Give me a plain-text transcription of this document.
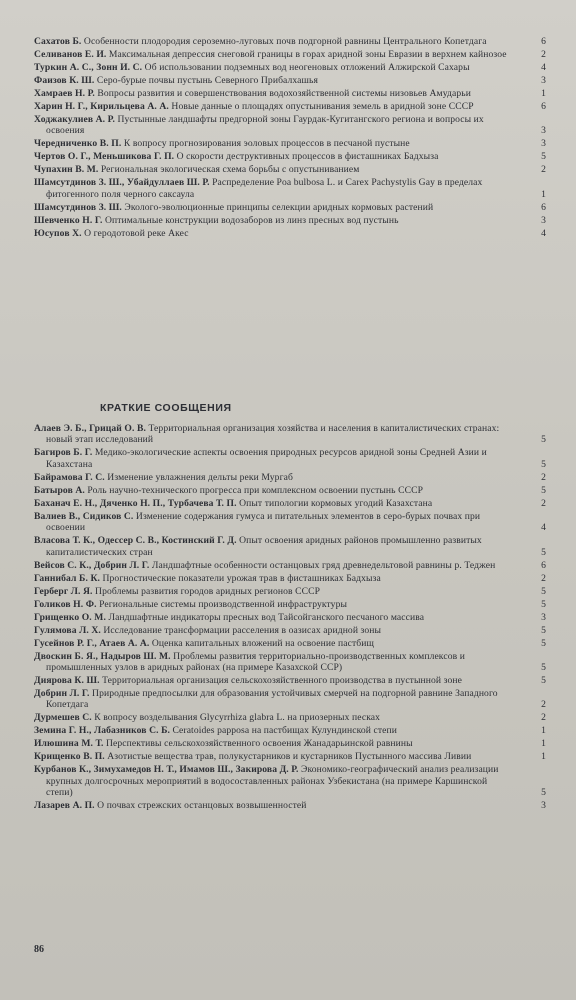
Сахатов Б. Особенности плодородия сероземно-луговых почв подгорной равнины Центрального Копетдага	6
Селиванов Е. И. Максимальная депрессия снеговой границы в горах аридной зоны Евразии в верхнем кайнозое	2
Туркин А. С., Зонн И. С. Об использовании подземных вод неогеновых отложений Алжирской Сахары	4
Фаизов К. Ш. Серо-бурые почвы пустынь Северного Прибалхашья	3
Хамраев Н. Р. Вопросы развития и совершенствования водохозяйственной системы низовьев Амударьи	1
Харин Н. Г., Кирильцева А. А. Новые данные о площадях опустынивания земель в аридной зоне СССР	6
Ходжакулиев А. Р. Пустынные ландшафты предгорной зоны Гаурдак-Кугитангского региона и вопросы их освоения	3
Чередниченко В. П. К вопросу прогнозирования эоловых процессов в песчаной пустыне	3
Чертов О. Г., Меньшикова Г. П. О скорости деструктивных процессов в фисташниках Бадхыза	5
Чупахин В. М. Региональная экологическая схема борьбы с опустыниванием	2
Шамсутдинов З. Ш., Убайдуллаев Ш. Р. Распределение Poa bulbosa L. и Carex Pachystylis Gay в пределах фитогенного поля черного саксаула	1
Шамсутдинов З. Ш. Эколого-эволюционные принципы селекции аридных кормовых растений	6
Шевченко Н. Г. Оптимальные конструкции водозаборов из линз пресных вод пустынь	3
Юсупов Х. О геродотовой реке Акес	4
КРАТКИЕ СООБЩЕНИЯ
Алаев Э. Б., Грицай О. В. Территориальная организация хозяйства и населения в капиталистических странах: новый этап исследований	5
Багиров Б. Г. Медико-экологические аспекты освоения природных ресурсов аридной зоны Средней Азии и Казахстана	5
Байрамова Г. С. Изменение увлажнения дельты реки Мургаб	2
Батыров А. Роль научно-технического прогресса при комплексном освоении пустынь СССР	5
Баханач Е. Н., Дяченко Н. П., Турбачева Т. П. Опыт типологии кормовых угодий Казахстана	2
Валиев В., Сидиков С. Изменение содержания гумуса и питательных элементов в серо-бурых почвах при освоении	4
Власова Т. К., Одессер С. В., Костинский Г. Д. Опыт освоения аридных районов промышленно развитых капиталистических стран	5
Вейсов С. К., Добрин Л. Г. Ландшафтные особенности останцовых гряд древнедельтовой равнины р. Теджен	6
Ганнибал Б. К. Прогностические показатели урожая трав в фисташниках Бадхыза	2
Герберг Л. Я. Проблемы развития городов аридных регионов СССР	5
Голиков Н. Ф. Региональные системы производственной инфраструктуры	5
Грищенко О. М. Ландшафтные индикаторы пресных вод Тайсойганского песчаного массива	3
Гулямова Л. Х. Исследование трансформации расселения в оазисах аридной зоны	5
Гусейнов Р. Г., Атаев А. А. Оценка капитальных вложений на освоение пастбищ	5
Двоскин Б. Я., Надыров Ш. М. Проблемы развития территориально-производственных комплексов и промышленных узлов в аридных районах (на примере Казахской ССР)	5
Диярова К. Ш. Территориальная организация сельскохозяйственного производства в пустынной зоне	5
Добрин Л. Г. Природные предпосылки для образования устойчивых смерчей на подгорной равнине Западного Копетдага	2
Дурмешев С. К вопросу возделывания Glycyrrhiza glabra L. на приозерных песках	2
Земина Г. Н., Лабазников С. Б. Ceratoides papposa на пастбищах Кулундинской степи	1
Илюшина М. Т. Перспективы сельскохозяйственного освоения Жанадарьинской равнины	1
Крищенко В. П. Азотистые вещества трав, полукустарников и кустарников Пустынного массива Ливии	1
Курбанов К., Зимухамедов Н. Т., Имамов Ш., Закирова Д. Р. Экономико-географический анализ реализации крупных долгосрочных мероприятий в водосоставленных районах Узбекистана (на примере Каршинской степи)	5
Лазарев А. П. О почвах стрежских останцовых возвышенностей	3
86
